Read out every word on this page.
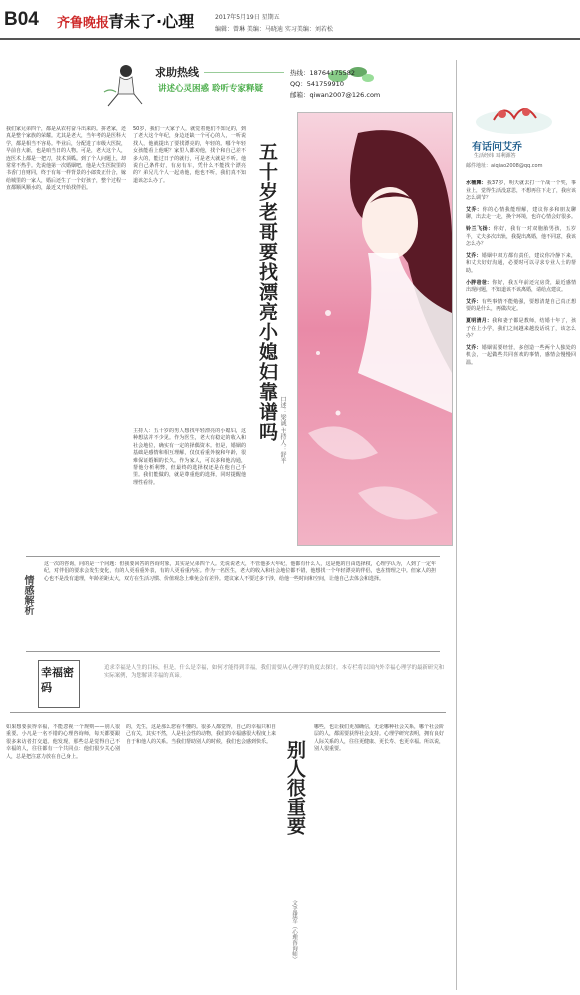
B04 齐鲁晚报
青未了·心理	2017年5月19日 星期五
编辑：曾琳 美编：马晓迪 实习美编：刘若松
求助热线
讲述心灵困惑 聆听专家释疑
热线：18764175582
QQ：541759910
邮箱：qiwan2007@126.com
我们家兄弟四个，都是从农村奋斗出来的。拼老家，还真是整个家族的荣耀。尤其是老大，当年考的是医科大学，都是相当不容易。毕业后，分配进了市级大医院，早前自大新，也是咱当日的人物。可是，老大这个人，连医术上都是一把刀，技术顶呱。到了个人问题上，却常常不热乎。先说他第一次婚姻吧，他是大生医院里的书香门自财同，终于有每一样背景的小郎贵正什合，嫁给城里的一家人，婚后还生了一个好孩子，整个过程一直都顺风顺水的，最近又开始找伴侣。
50岁，我们一大家子人，就觉着他们不知足的，到了老大这个年纪，身边还缺一个可心的人，一听说找人，他就提出了要找漂亮的，年轻的。哪个年轻女孩能看上他呢？家里人都劝他，找个和自己差不多大的，能过日子的就行，可是老大就是不听。他说自己条件好，有房有车，凭什么不能找个漂亮的？弟兄几个人一起劝他，他也不听，我们真不知道该怎么办了。
主持人：五十岁的男人想找年轻漂亮的小媳妇，这种想法并不少见。作为医生，老大有稳定的收入和社会地位，确实有一定的择偶资本。但是，婚姻的基础是感情和相互理解，仅仅看重外貌和年龄，很难保证婚姻的长久。作为家人，可以多和他沟通，帮他分析利弊，但最终的选择权还是在他自己手里。我们能做的，就是尊重他的选择，同时提醒他理性看待。
五十岁老哥要找漂亮小媳妇靠谱吗 口述：梁诚 主持人：舒平
有话问艾乔
生活经纬 耳利源答
邮件地址：aiqiao2008@qq.com
水楠舞：我37岁，明天就去打一个战一个奖，事业上，觉得生活没意思，不想再往下走了，我应该怎么调节？
艾乔：你的心情我能理解，建议你多和朋友聊聊，出去走一走，换个环境，也许心情会好很多。
铃兰飞扬：你好，我有一对双胞胎男孩，五岁半，丈夫多次出轨，我提出离婚，他不同意，我该怎么办？
艾乔：婚姻中双方都有责任，建议你冷静下来，和丈夫好好沟通，必要时可以寻求专业人士的帮助。
小胖爸爸：你好，我五年前还完房贷，最近感情出现问题，不知道该不该离婚，请给点建议。
艾乔：有些事情不能勉强，要想清楚自己真正想要的是什么，再做决定。
夏明清月：我和妻子都是教师，结婚十年了，孩子在上小学，我们之间越来越没话说了，该怎么办？
艾乔：婚姻需要经营，多创造一些两个人独处的机会，一起做些共同喜欢的事情，感情会慢慢回温。
情感解析
这一次的咨询，问的是一个问题：但我要回答的咨询对象，其实是兄弟四个人。先说说老大，不管他多大年纪，他都有什么人，这是他的自由选择权，心理学认为，人到了一定年纪，对伴侣的要求会发生变化，有的人更看重外表，有的人更看重内在。作为一名医生，老大的收入和社会地位都不错，他想找一个年轻漂亮的伴侣，也在情理之中。但家人的担心也不是没有道理，年龄差距太大，双方在生活习惯、价值观念上难免会有差异。建议家人不要过多干涉，给他一些时间和空间，让他自己去体会和选择。
幸福密码
追求幸福是人生的目标，但是，什么是幸福，如何才能得到幸福，我们需要从心理学的角度去探讨。本专栏将以国内外幸福心理学的最新研究和实际案例，为您解读幸福的真谛。
如果想要获得幸福，不能忽视一个规则——别人很重要。小凡是一名不错的心理咨询师，每天都要跟很多来访者打交道。他发现，那些总是觉得自己不幸福的人，往往都有一个共同点：他们很少关心别人，总是把注意力放在自己身上。
的，先生，这是那么您看不懂的。很多人都觉得，自己的幸福只和自己有关，其实不然，人是社会性的动物，我们的幸福感很大程度上来自于和他人的关系。当我们帮助别人的时候，我们也会感到快乐。 别人很重要
文/孟建军（心理咨询师）
哪些，也让我们更加确信，无论哪种社会关系，哪个社会阶层的人，都需要获得社会支持。心理学研究表明，拥有良好人际关系的人，往往更健康、更长寿、也更幸福。所以说，别人很重要。
